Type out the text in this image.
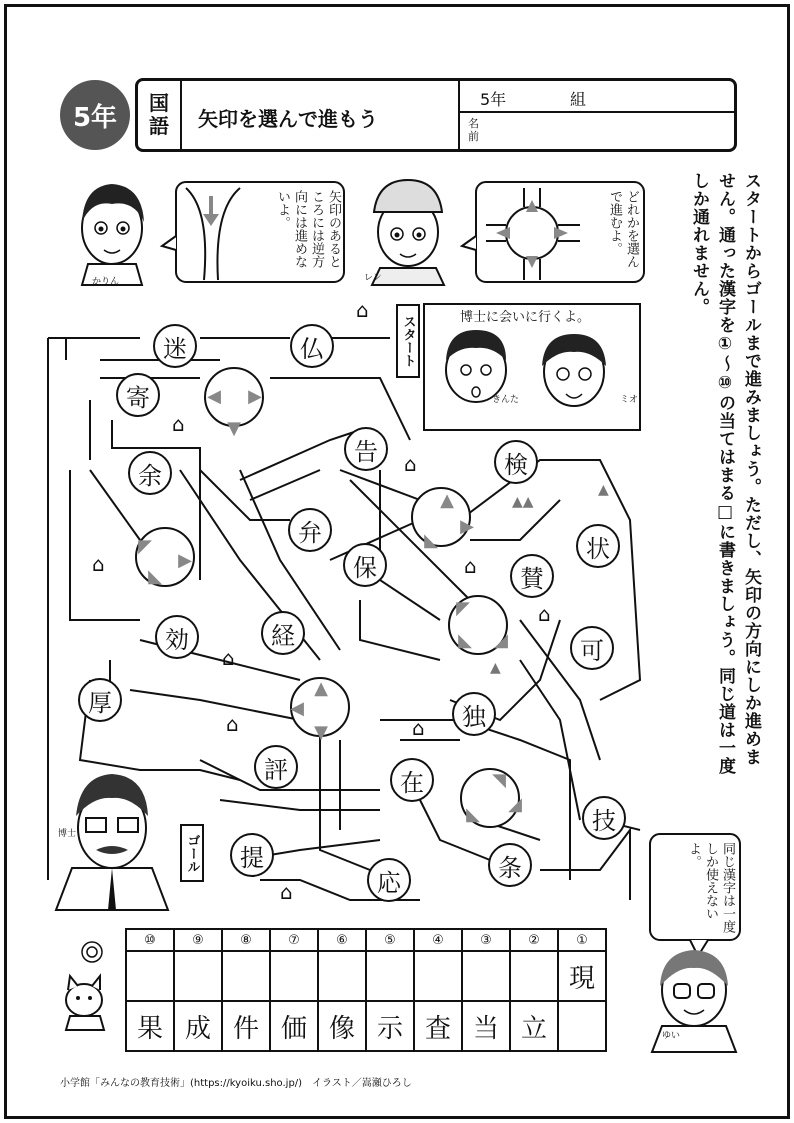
5年	国
語 矢印を選んで進もう
5年	組
名前
スタートからゴールまで進みましょう。ただし、矢印の方向にしか進めません。通った漢字を①～⑩の当てはまる□に書きましょう。同じ道は一度しか通れません。
矢印のあるところには逆方向には進めないよ。	どれかを選んで進むよ。
博士に会いに行くよ。
同じ漢字は一度しか使えないよ。
かりん	レン
きんた	ミオ
博士
ゆい
スタート
ゴール
◀ ▶
▼
◤
▶
◣
▲
▶
◣
◤
◢
◣
▲
◀
▼
◥
◢
◣
迷	仏
寄
余
告	検
弁
保
状
賛
効	経
可
厚	独
評	在
技
提	条
応
⌂
⌂
⌂
⌂	⌂
⌂
⌂
⌂	⌂
⌂
▲▲
▲
▲
⑩	⑨	⑧	⑦	⑥	⑤	④	③	②	①
									現
果	成	件	価	像	示	査	当	立	
小学館「みんなの教育技術」(https://kyoiku.sho.jp/)　イラスト／嵩瀬ひろし
